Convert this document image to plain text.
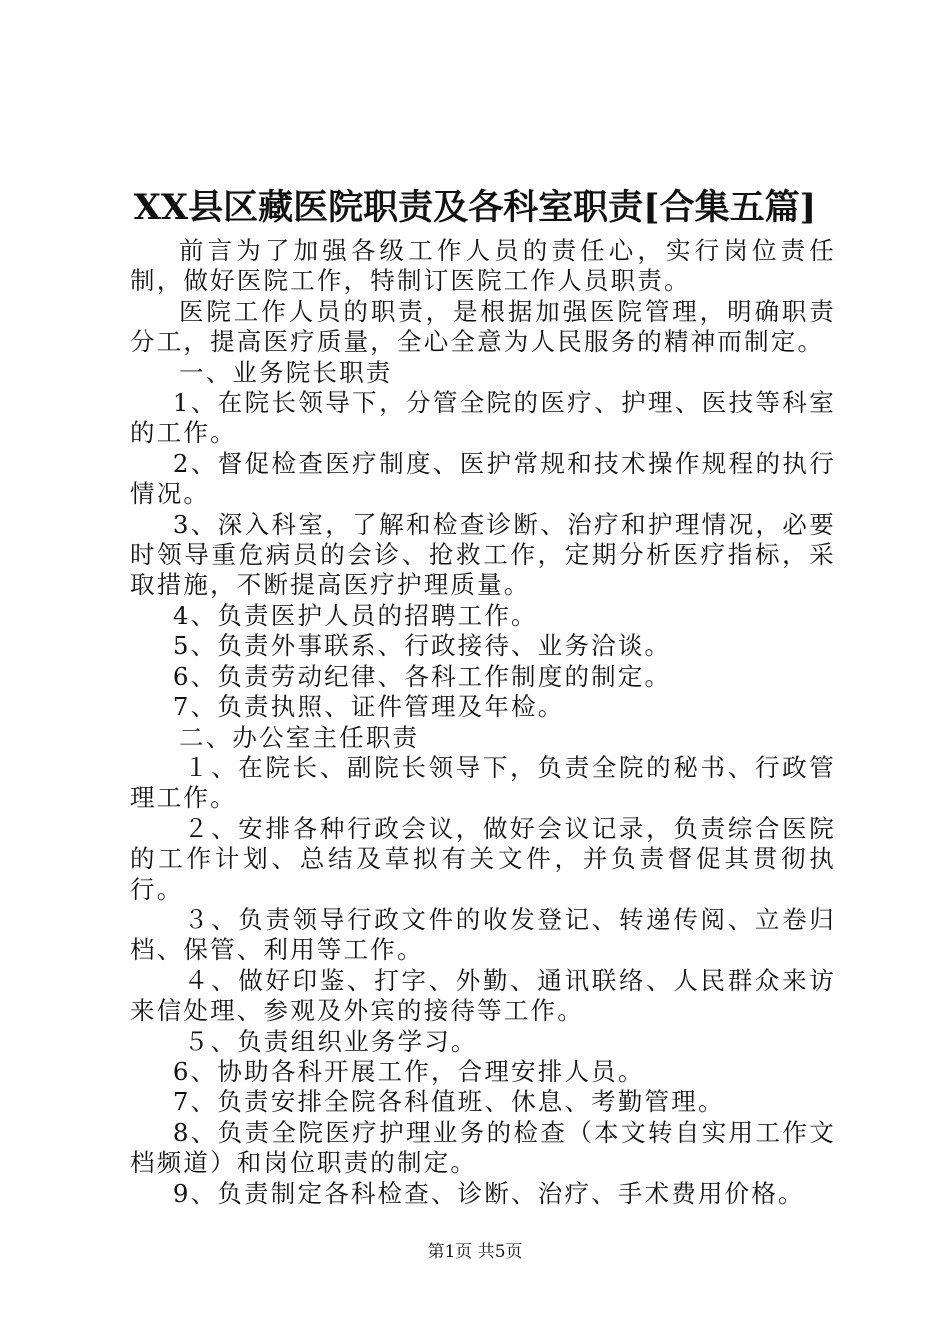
XX县区藏医院职责及各科室职责[合集五篇]

前言为了加强各级工作人员的责任心，实行岗位责任制，做好医院工作，特制订医院工作人员职责。

医院工作人员的职责，是根据加强医院管理，明确职责分工，提高医疗质量，全心全意为人民服务的精神而制定。

一、业务院长职责

1、在院长领导下，分管全院的医疗、护理、医技等科室的工作。

2、督促检查医疗制度、医护常规和技术操作规程的执行情况。

3、深入科室，了解和检查诊断、治疗和护理情况，必要时领导重危病员的会诊、抢救工作，定期分析医疗指标，采取措施，不断提高医疗护理质量。

4、负责医护人员的招聘工作。

5、负责外事联系、行政接待、业务洽谈。

6、负责劳动纪律、各科工作制度的制定。

7、负责执照、证件管理及年检。

二、办公室主任职责

１、在院长、副院长领导下，负责全院的秘书、行政管理工作。

２、安排各种行政会议，做好会议记录，负责综合医院的工作计划、总结及草拟有关文件，并负责督促其贯彻执行。

３、负责领导行政文件的收发登记、转递传阅、立卷归档、保管、利用等工作。

４、做好印鉴、打字、外勤、通讯联络、人民群众来访来信处理、参观及外宾的接待等工作。

５、负责组织业务学习。

6、协助各科开展工作，合理安排人员。

7、负责安排全院各科值班、休息、考勤管理。

8、负责全院医疗护理业务的检查（本文转自实用工作文档频道）和岗位职责的制定。

9、负责制定各科检查、诊断、治疗、手术费用价格。

第1页 共5页
